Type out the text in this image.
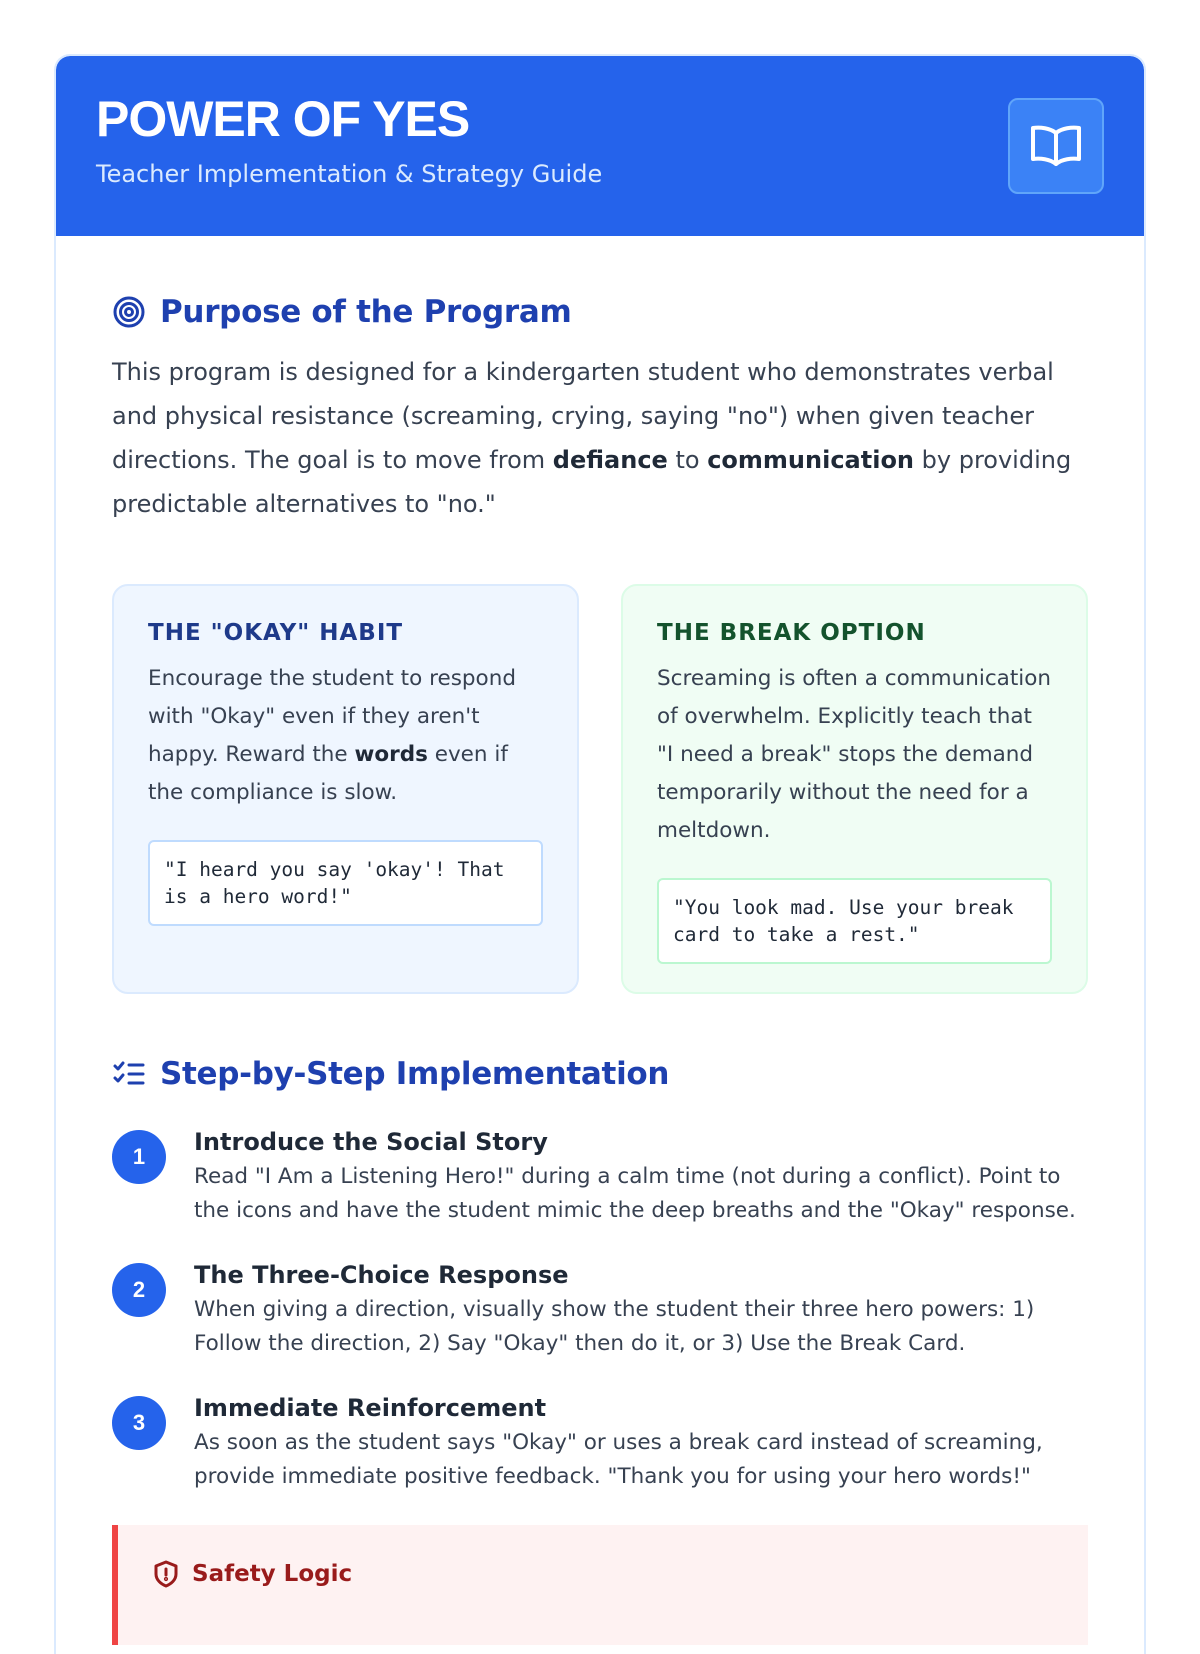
POWER OF YES
Teacher Implementation & Strategy Guide
Purpose of the Program

This program is designed for a kindergarten student who demonstrates verbal and physical resistance (screaming, crying, saying "no") when given teacher directions. The goal is to move from defiance to communication by providing predictable alternatives to "no."

THE "OKAY" HABIT

Encourage the student to respond with "Okay" even if they aren't happy. Reward the words even if the compliance is slow.

"I heard you say 'okay'! That is a hero word!"
THE BREAK OPTION

Screaming is often a communication of overwhelm. Explicitly teach that "I need a break" stops the demand temporarily without the need for a meltdown.

"You look mad. Use your break card to take a rest."
Step-by-Step Implementation
1
Introduce the Social Story
Read "I Am a Listening Hero!" during a calm time (not during a conflict). Point to the icons and have the student mimic the deep breaths and the "Okay" response.
2
The Three-Choice Response
When giving a direction, visually show the student their three hero powers: 1) Follow the direction, 2) Say "Okay" then do it, or 3) Use the Break Card.
3
Immediate Reinforcement
As soon as the student says "Okay" or uses a break card instead of screaming, provide immediate positive feedback. "Thank you for using your hero words!"
Safety Logic
